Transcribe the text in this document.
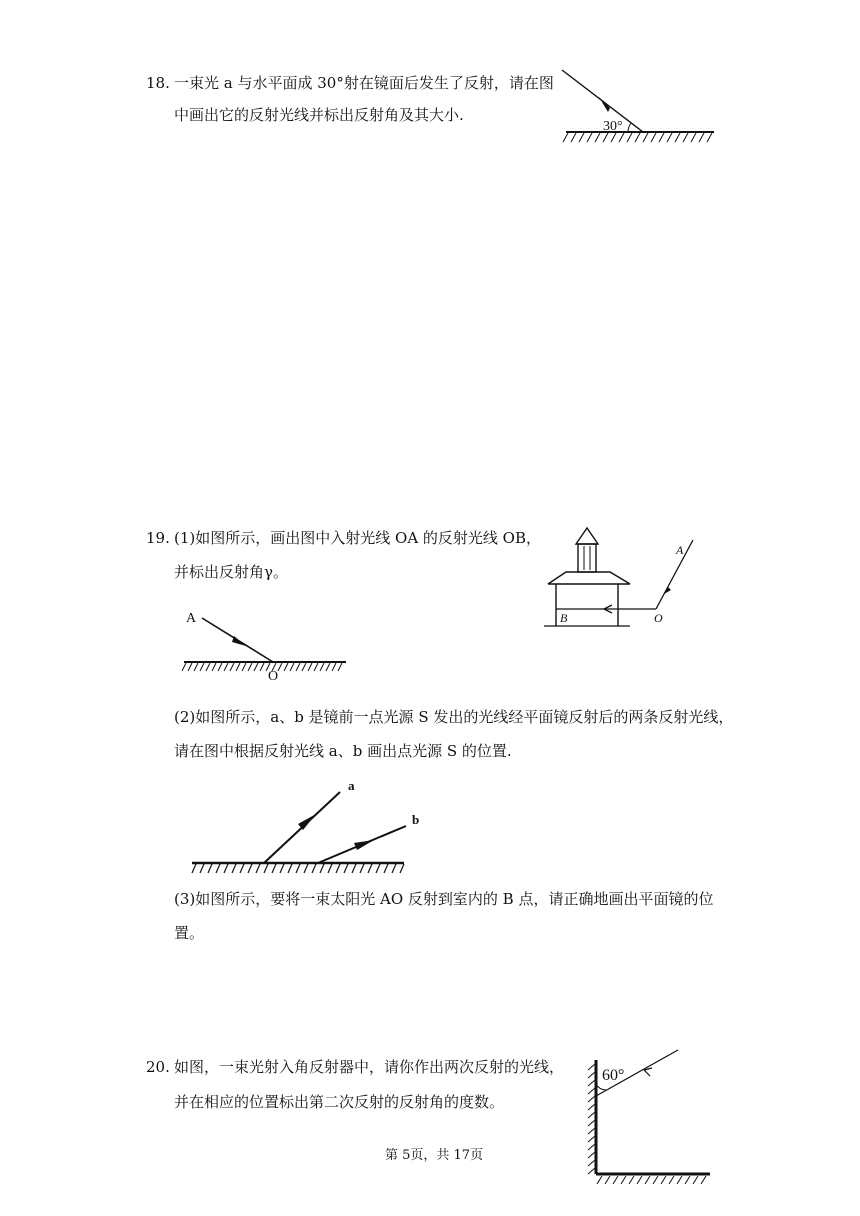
18. 一束光 a 与水平面成 30°射在镜面后发生了反射，请在图
中画出它的反射光线并标出反射角及其大小.
30°
19. (1)如图所示，画出图中入射光线 OA 的反射光线 OB，
并标出反射角γ。
A
O
A
B	O
(2)如图所示，a、b 是镜前一点光源 S 发出的光线经平面镜反射后的两条反射光线，
请在图中根据反射光线 a、b 画出点光源 S 的位置.
a
b
(3)如图所示，要将一束太阳光 AO 反射到室内的 B 点，请正确地画出平面镜的位
置。
20. 如图，一束光射入角反射器中，请你作出两次反射的光线，
并在相应的位置标出第二次反射的反射角的度数。
60°
第 5页，共 17页
